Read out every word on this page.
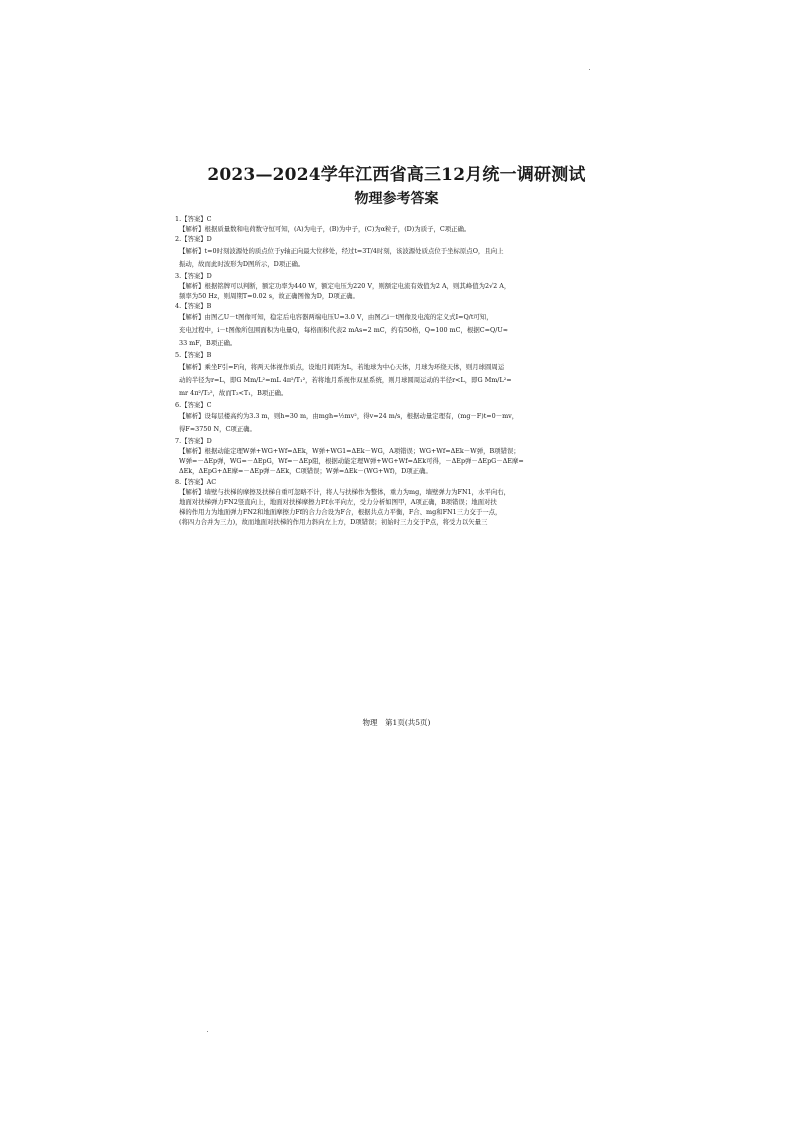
2023—2024学年江西省高三12月统一调研测试
物理参考答案

1.【答案】C

【解析】根据质量数和电荷数守恒可知，(A)为电子，(B)为中子，(C)为α粒子，(D)为质子，C项正确。

2.【答案】D

【解析】t=0时刻波源处的质点位于y轴正向最大位移处，经过t=3T/4时刻，该波源处质点位于坐标原点O，且向上

振动，故而此时波形为D图所示，D项正确。

3.【答案】D

【解析】根据铭牌可以判断，额定功率为440 W，额定电压为220 V，则额定电流有效值为2 A，则其峰值为2√2 A，

频率为50 Hz，则周期T=0.02 s，故正确图像为D，D项正确。

4.【答案】B

【解析】由图乙U－t图像可知，稳定后电容器两端电压U=3.0 V，由图乙i－t图像及电流的定义式I=Q/t可知，

充电过程中，i－t图像所包围面积为电量Q，每格面积代表2 mAs=2 mC，约有50格，Q=100 mC，根据C=Q/U≈

33 mF，B项正确。

5.【答案】B

【解析】乘坐F引=F向，将两天体视作质点，设地月间距为L，若地球为中心天体，月球为环绕天体，则月球圆周运

动的半径为r=L，即G Mm/L²=mL 4π²/T₁²，若将地月系视作双星系统，则月球圆周运动的半径r<L，即G Mm/L²=

mr 4π²/T₂²，故而T₂<T₁，B项正确。

6.【答案】C

【解析】设每层楼高约为3.3 m，则h=30 m，由mgh=½mv²，得v=24 m/s，根据动量定理有，(mg－F)t=0－mv，

得F≈3750 N，C项正确。

7.【答案】D

【解析】根据动能定理W弹+WG+Wf=ΔEk，W弹+WG1=ΔEk－WG，A项错误；WG+Wf=ΔEk－W弹，B项错误；

W弹=－ΔEp弹，WG=－ΔEpG，Wf=－ΔEp阻，根据动能定理W弹+WG+Wf=ΔEk可得，－ΔEp弹－ΔEpG－ΔE摩=

ΔEk，ΔEpG+ΔE摩=－ΔEp弹－ΔEk，C项错误；W弹=ΔEk－(WG+Wf)，D项正确。

8.【答案】AC

【解析】墙壁与扶梯的摩擦及扶梯自重可忽略不计，将人与扶梯作为整体，重力为mg，墙壁弹力为FN1，水平向右，

地面对扶梯弹力FN2竖直向上，地面对扶梯摩擦力Ff水平向左，受力分析如图甲，A项正确，B项错误；地面对扶

梯的作用力为地面弹力FN2和地面摩擦力Ff的合力合设为F合，根据共点力平衡，F合、mg和FN1三力交于一点，

(将四力合并为三力)，故而地面对扶梯的作用力斜向左上方，D项错误；初始时三力交于P点，将受力以矢量三

物理　第1页(共5页)
